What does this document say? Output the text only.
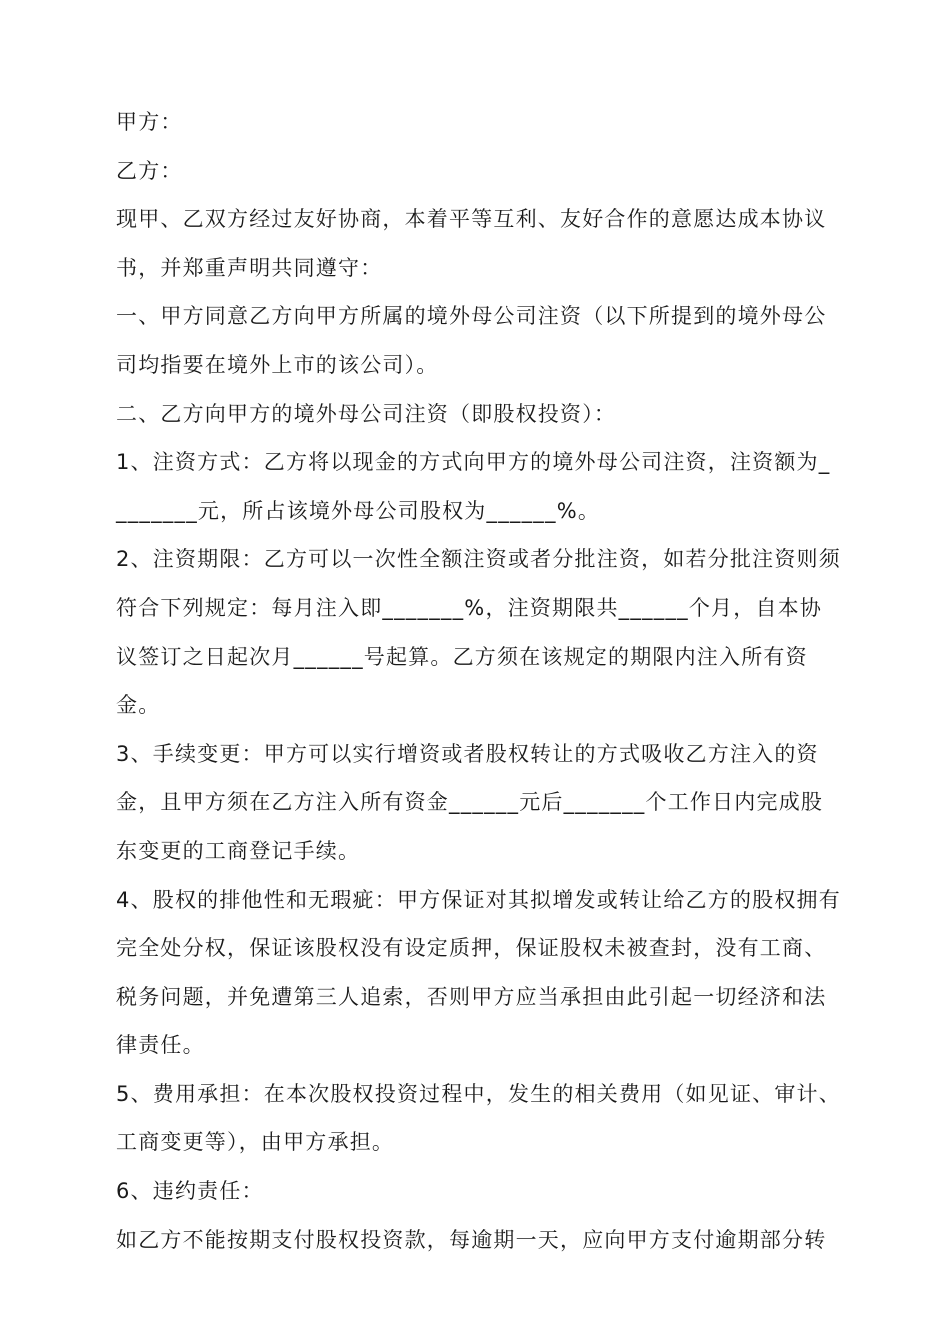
甲方：

乙方：

现甲、乙双方经过友好协商，本着平等互利、友好合作的意愿达成本协议书，并郑重声明共同遵守：

一、甲方同意乙方向甲方所属的境外母公司注资（以下所提到的境外母公司均指要在境外上市的该公司）。

二、乙方向甲方的境外母公司注资（即股权投资）：

1、注资方式：乙方将以现金的方式向甲方的境外母公司注资，注资额为_ _______元，所占该境外母公司股权为______%。

2、注资期限：乙方可以一次性全额注资或者分批注资，如若分批注资则须符合下列规定：每月注入即_______%，注资期限共______个月，自本协议签订之日起次月______号起算。乙方须在该规定的期限内注入所有资金。

3、手续变更：甲方可以实行增资或者股权转让的方式吸收乙方注入的资金，且甲方须在乙方注入所有资金______元后_______个工作日内完成股东变更的工商登记手续。

4、股权的排他性和无瑕疵：甲方保证对其拟增发或转让给乙方的股权拥有完全处分权，保证该股权没有设定质押，保证股权未被查封，没有工商、税务问题，并免遭第三人追索，否则甲方应当承担由此引起一切经济和法律责任。

5、费用承担：在本次股权投资过程中，发生的相关费用（如见证、审计、工商变更等），由甲方承担。

6、违约责任：

如乙方不能按期支付股权投资款，每逾期一天，应向甲方支付逾期部分转
